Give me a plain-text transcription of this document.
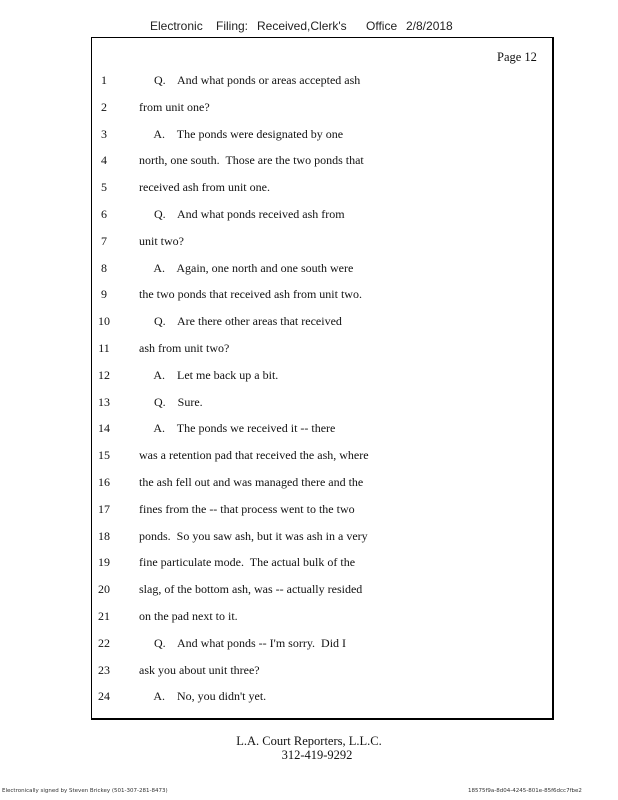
Electronic Filing: Received,Clerk's Office 2/8/2018
Page 12
1	Q.    And what ponds or areas accepted ash
2	from unit one?
3	A.    The ponds were designated by one
4	north, one south.  Those are the two ponds that
5	received ash from unit one.
6	Q.    And what ponds received ash from
7	unit two?
8	A.    Again, one north and one south were
9	the two ponds that received ash from unit two.
10	Q.    Are there other areas that received
11	ash from unit two?
12	A.    Let me back up a bit.
13	Q.    Sure.
14	A.    The ponds we received it -- there
15	was a retention pad that received the ash, where
16	the ash fell out and was managed there and the
17	fines from the -- that process went to the two
18	ponds.  So you saw ash, but it was ash in a very
19	fine particulate mode.  The actual bulk of the
20	slag, of the bottom ash, was -- actually resided
21	on the pad next to it.
22	Q.    And what ponds -- I'm sorry.  Did I
23	ask you about unit three?
24	A.    No, you didn't yet.
L.A. Court Reporters, L.L.C.
312-419-9292
Electronically signed by Steven Brickey (501-307-281-8473)	18575f9a-8d04-4245-801e-85f6dcc7fbe2
